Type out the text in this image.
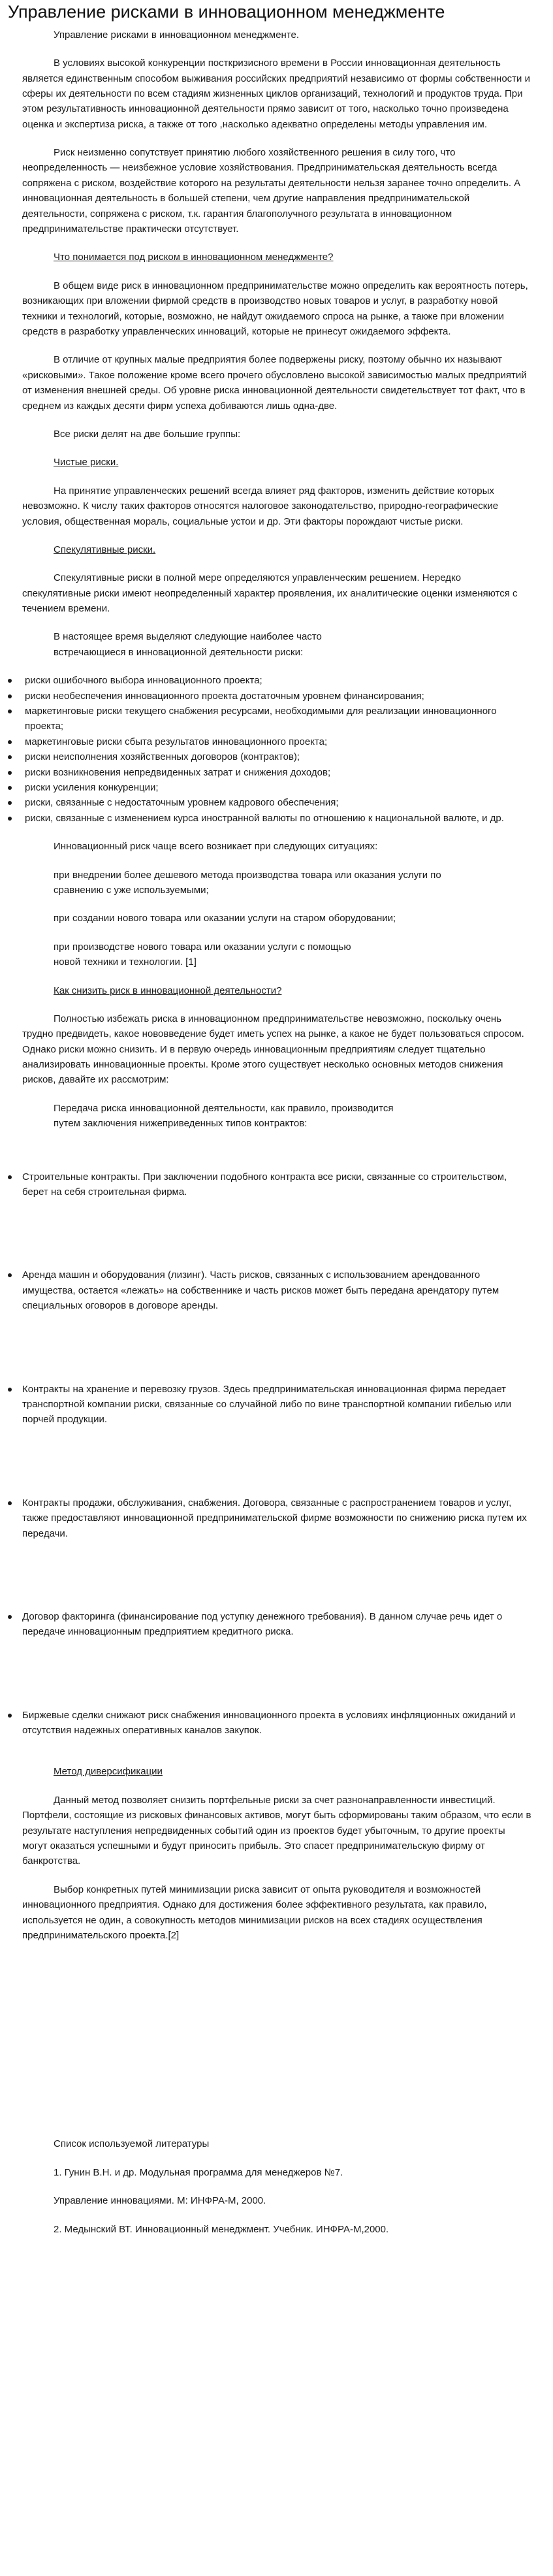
Управление рисками в инновационном менеджменте

Управление рисками в инновационном менеджменте.

В условиях высокой конкуренции посткризисного времени в России инновационная деятельность является единственным способом выживания российских предприятий независимо от формы собственности и сферы их деятельности по всем стадиям жизненных циклов организаций, технологий и продуктов труда. При этом результативность инновационной деятельности прямо зависит от того, насколько точно произведена оценка и экспертиза риска, а также от того ,насколько адекватно определены методы управления им.

Риск неизменно сопутствует принятию любого хозяйственного решения в силу того, что неопределенность — неизбежное условие хозяйствования. Предпринимательская деятельность всегда сопряжена с риском, воздействие которого на результаты деятельности нельзя заранее точно определить. А инновационная деятельность в большей степени, чем другие направления предпринимательской деятельности, сопряжена с риском, т.к. гарантия благополучного результата в инновационном предпринимательстве практически отсутствует.

Что понимается под риском в инновационном менеджменте?

В общем виде риск в инновационном предпринимательстве можно определить как вероятность потерь, возникающих при вложении фирмой средств в производство новых товаров и услуг, в разработку новой техники и технологий, которые, возможно, не найдут ожидаемого спроса на рынке, а также при вложении средств в разработку управленческих инноваций, которые не принесут ожидаемого эффекта.

В отличие от крупных малые предприятия более подвержены риску, поэтому обычно их называют «рисковыми». Такое положение кроме всего прочего обусловлено высокой зависимостью малых предприятий от изменения внешней среды. Об уровне риска инновационной деятельности свидетельствует тот факт, что в среднем из каждых десяти фирм успеха добиваются лишь одна-две.

Все риски делят на две большие группы:

Чистые риски.

На принятие управленческих решений всегда влияет ряд факторов, изменить действие которых невозможно. К числу таких факторов относятся налоговое законодательство, природно-географические условия, общественная мораль, социальные устои и др. Эти факторы порождают чистые риски.

Спекулятивные риски.

Спекулятивные риски в полной мере определяются управленческим решением. Нередко спекулятивные риски имеют неопределенный характер проявления, их аналитические оценки изменяются с течением времени.

В настоящее время выделяют следующие наиболее часто
встречающиеся в инновационной деятельности риски:

риски ошибочного выбора инновационного проекта;
риски необеспечения инновационного проекта достаточным уровнем финансирования;
маркетинговые риски текущего снабжения ресурсами, необходимыми для реализации инновационного проекта;
маркетинговые риски сбыта результатов инновационного проекта;
риски неисполнения хозяйственных договоров (контрактов);
риски возникновения непредвиденных затрат и снижения доходов;
риски усиления конкуренции;
риски, связанные с недостаточным уровнем кадрового обеспечения;
риски, связанные с изменением курса иностранной валюты по отношению к национальной валюте, и др.

Инновационный риск чаще всего возникает при следующих ситуациях:

при внедрении более дешевого метода производства товара или оказания услуги по
сравнению с уже используемыми;

при создании нового товара или оказании услуги на старом оборудовании;

при производстве нового товара или оказании услуги с помощью
новой техники и технологии. [1]

Как снизить риск в инновационной деятельности?

Полностью избежать риска в инновационном предпринимательстве невозможно, поскольку очень трудно предвидеть, какое нововведение будет иметь успех на рынке, а какое не будет пользоваться спросом. Однако риски можно снизить. И в первую очередь инновационным предприятиям следует тщательно анализировать инновационные проекты. Кроме этого существует несколько основных методов снижения рисков, давайте их рассмотрим:

Передача риска инновационной деятельности, как правило, производится
путем заключения нижеприведенных типов контрактов:

Строительные контракты. При заключении подобного контракта все риски, связанные со строительством, берет на себя строительная фирма.
Аренда машин и оборудования (лизинг). Часть рисков, связанных с использованием арендованного имущества, остается «лежать» на собственнике и часть рисков может быть передана арендатору путем специальных оговоров в договоре аренды.
Контракты на хранение и перевозку грузов. Здесь предпринимательская инновационная фирма передает транспортной компании риски, связанные со случайной либо по вине транспортной компании гибелью или порчей продукции.
Контракты продажи, обслуживания, снабжения. Договора, связанные с распространением товаров и услуг, также предоставляют инновационной предпринимательской фирме возможности по снижению риска путем их передачи.
Договор факторинга (финансирование под уступку денежного требования). В данном случае речь идет о передаче инновационным предприятием кредитного риска.
Биржевые сделки снижают риск снабжения инновационного проекта в условиях инфляционных ожиданий и отсутствия надежных оперативных каналов закупок.

Метод диверсификации

Данный метод позволяет снизить портфельные риски за счет разнонаправленности инвестиций. Портфели, состоящие из рисковых финансовых активов, могут быть сформированы таким образом, что если в результате наступления непредвиденных событий один из проектов будет убыточным, то другие проекты могут оказаться успешными и будут приносить прибыль. Это спасет предпринимательскую фирму от банкротства.

Выбор конкретных путей минимизации риска зависит от опыта руководителя и возможностей инновационного предприятия. Однако для достижения более эффективного результата, как правило, используется не один, а совокупность методов минимизации рисков на всех стадиях осуществления предпринимательского проекта.[2]

Список используемой литературы

1. Гунин В.Н. и др. Модульная программа для менеджеров №7.

Управление инновациями. М: ИНФРА-М, 2000.

2. Медынский ВТ. Инновационный менеджмент. Учебник. ИНФРА-М,2000.
